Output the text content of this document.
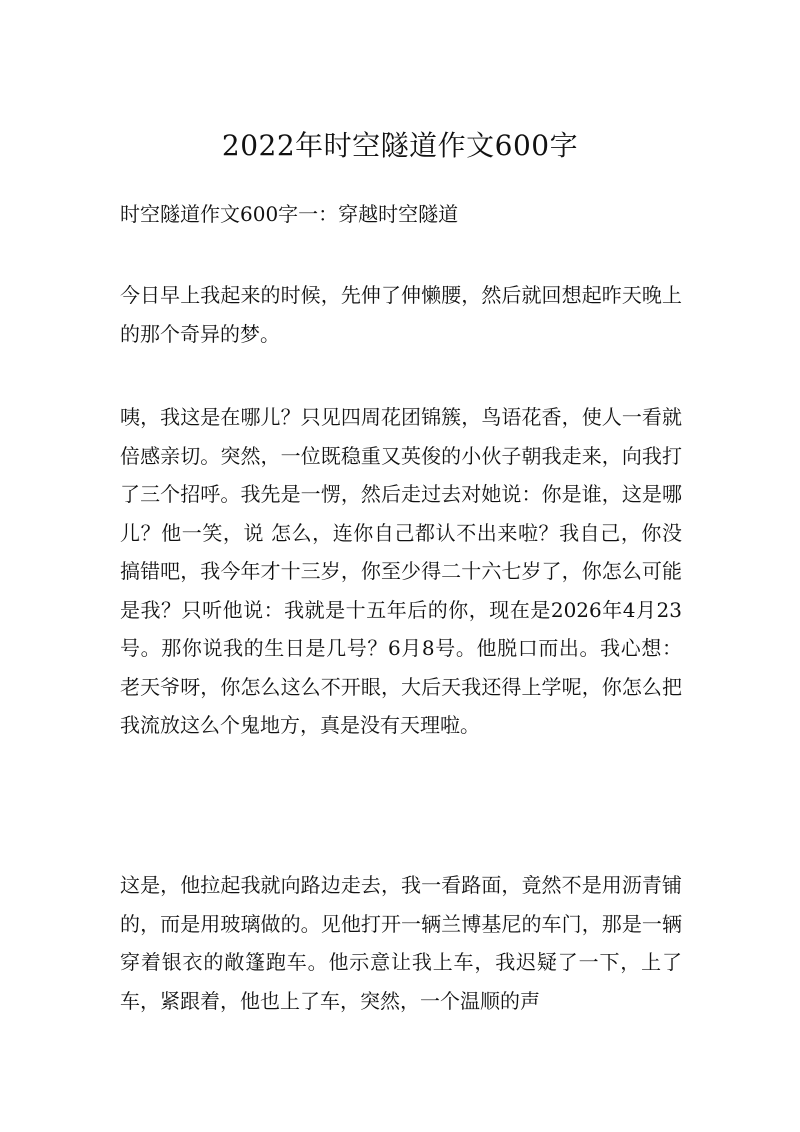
2022年时空隧道作文600字

时空隧道作文600字一：穿越时空隧道

今日早上我起来的时候，先伸了伸懒腰，然后就回想起昨天晚上的那个奇异的梦。

咦，我这是在哪儿？只见四周花团锦簇，鸟语花香，使人一看就倍感亲切。突然，一位既稳重又英俊的小伙子朝我走来，向我打了三个招呼。我先是一愣，然后走过去对她说：你是谁，这是哪儿？他一笑，说 怎么，连你自己都认不出来啦？我自己，你没搞错吧，我今年才十三岁，你至少得二十六七岁了，你怎么可能是我？只听他说：我就是十五年后的你，现在是2026年4月23号。那你说我的生日是几号？6月8号。他脱口而出。我心想：老天爷呀，你怎么这么不开眼，大后天我还得上学呢，你怎么把我流放这么个鬼地方，真是没有天理啦。

这是，他拉起我就向路边走去，我一看路面，竟然不是用沥青铺的，而是用玻璃做的。见他打开一辆兰博基尼的车门，那是一辆穿着银衣的敞篷跑车。他示意让我上车，我迟疑了一下，上了车，紧跟着，他也上了车，突然，一个温顺的声
